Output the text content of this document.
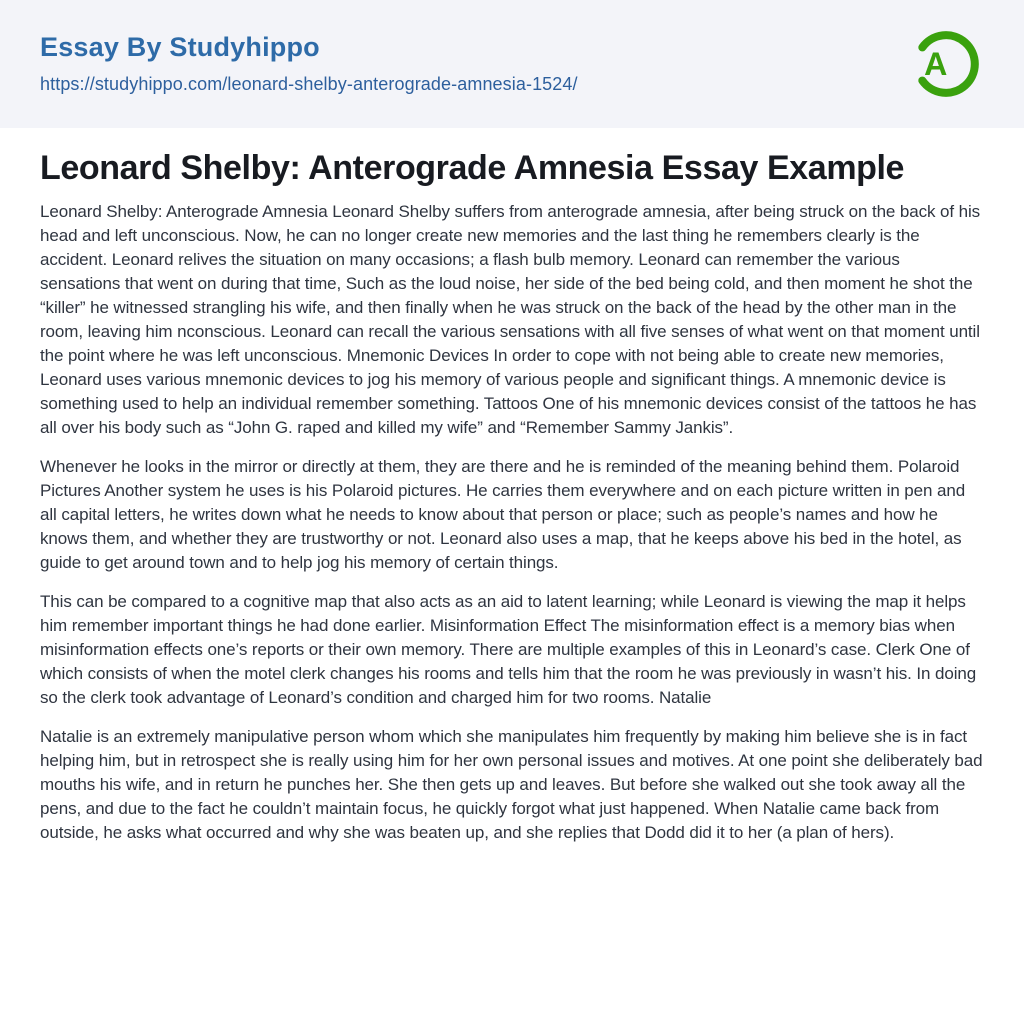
Essay By Studyhippo
https://studyhippo.com/leonard-shelby-anterograde-amnesia-1524/
A
Leonard Shelby: Anterograde Amnesia Essay Example

Leonard Shelby: Anterograde Amnesia Leonard Shelby suffers from anterograde amnesia, after being struck on the back of his head and left unconscious. Now, he can no longer create new memories and the last thing he remembers clearly is the accident. Leonard relives the situation on many occasions; a flash bulb memory. Leonard can remember the various sensations that went on during that time, Such as the loud noise, her side of the bed being cold, and then moment he shot the “killer” he witnessed strangling his wife, and then finally when he was struck on the back of the head by the other man in the room, leaving him nconscious. Leonard can recall the various sensations with all five senses of what went on that moment until the point where he was left unconscious. Mnemonic Devices In order to cope with not being able to create new memories, Leonard uses various mnemonic devices to jog his memory of various people and significant things. A mnemonic device is something used to help an individual remember something. Tattoos One of his mnemonic devices consist of the tattoos he has all over his body such as “John G. raped and killed my wife” and “Remember Sammy Jankis”.

Whenever he looks in the mirror or directly at them, they are there and he is reminded of the meaning behind them. Polaroid Pictures Another system he uses is his Polaroid pictures. He carries them everywhere and on each picture written in pen and all capital letters, he writes down what he needs to know about that person or place; such as people’s names and how he knows them, and whether they are trustworthy or not. Leonard also uses a map, that he keeps above his bed in the hotel, as guide to get around town and to help jog his memory of certain things.

This can be compared to a cognitive map that also acts as an aid to latent learning; while Leonard is viewing the map it helps him remember important things he had done earlier. Misinformation Effect The misinformation effect is a memory bias when misinformation effects one’s reports or their own memory. There are multiple examples of this in Leonard’s case. Clerk One of which consists of when the motel clerk changes his rooms and tells him that the room he was previously in wasn’t his. In doing so the clerk took advantage of Leonard’s condition and charged him for two rooms. Natalie

Natalie is an extremely manipulative person whom which she manipulates him frequently by making him believe she is in fact helping him, but in retrospect she is really using him for her own personal issues and motives. At one point she deliberately bad mouths his wife, and in return he punches her. She then gets up and leaves. But before she walked out she took away all the pens, and due to the fact he couldn’t maintain focus, he quickly forgot what just happened. When Natalie came back from outside, he asks what occurred and why she was beaten up, and she replies that Dodd did it to her (a plan of hers).
